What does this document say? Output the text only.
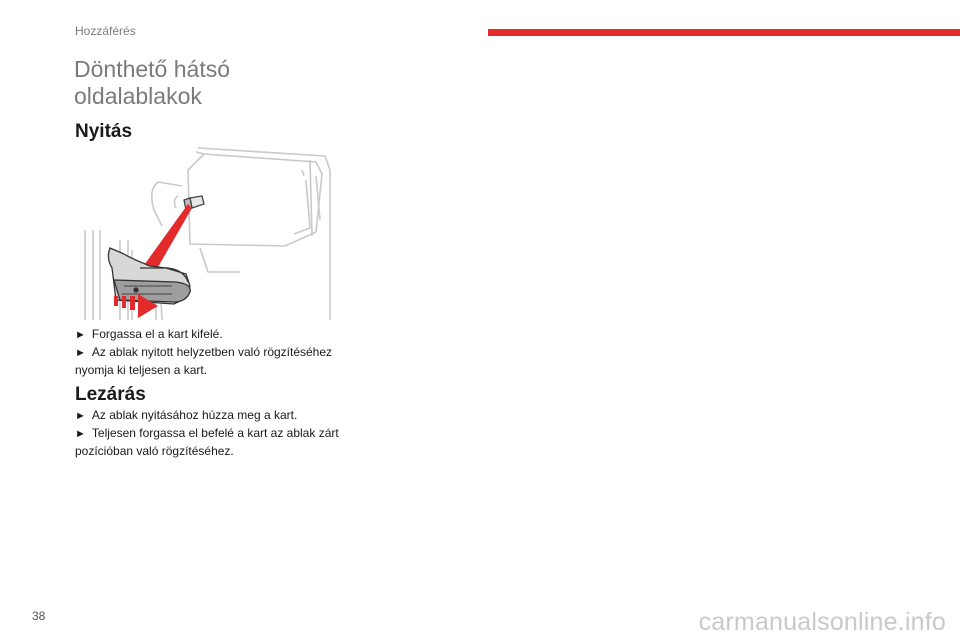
Hozzáférés
Dönthető hátsó
oldalablakok
Nyitás

► Forgassa el a kart kifelé.

► Az ablak nyitott helyzetben való rögzítéséhez nyomja ki teljesen a kart.

Lezárás

► Az ablak nyitásához húzza meg a kart.

► Teljesen forgassa el befelé a kart az ablak zárt pozícióban való rögzítéséhez.

38	carmanualsonline.info
